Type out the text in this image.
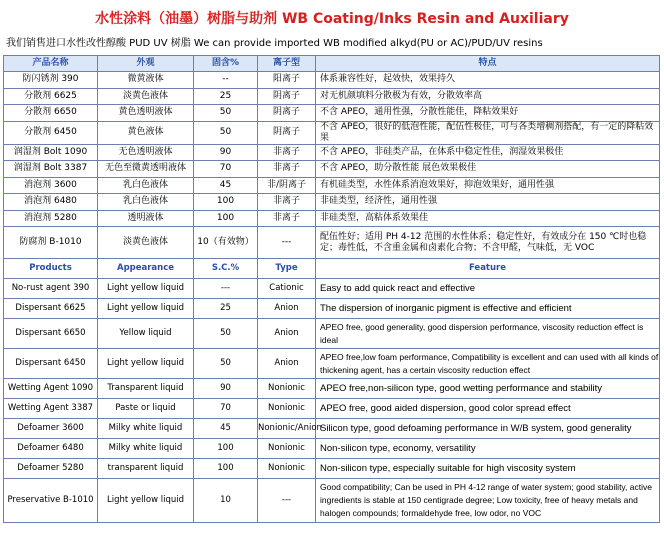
水性涂料（油墨）树脂与助剂 WB Coating/Inks Resin and Auxiliary
我们销售进口水性改性醇酸 PUD UV 树脂 We can provide imported WB modified alkyd(PU or AC)/PUD/UV resins
产品名称	外观	固含%	离子型	特点
防闪锈剂 390	微黄液体	--	阳离子	体系兼容性好，起效快，效果持久
分散剂 6625	淡黄色液体	25	阴离子	对无机颜填料分散极为有效，分散效率高
分散剂 6650	黄色透明液体	50	阴离子	不含 APEO，通用性强，分散性能佳，降粘效果好
分散剂 6450	黄色液体	50	阴离子	不含 APEO，很好的低泡性能，配伍性极佳，可与各类增稠剂搭配，有一定的降粘效果
润湿剂 Bolt 1090	无色透明液体	90	非离子	不含 APEO，非硅类产品，在体系中稳定性佳，润湿效果极佳
润湿剂 Bolt 3387	无色至微黄透明液体	70	非离子	不含 APEO，助分散性能 展色效果极佳
消泡剂 3600	乳白色液体	45	非/阴离子	有机硅类型，水性体系消泡效果好，抑泡效果好，通用性强
消泡剂 6480	乳白色液体	100	非离子	非硅类型，经济性，通用性强
消泡剂 5280	透明液体	100	非离子	非硅类型，高粘体系效果佳
防腐剂 B-1010	淡黄色液体	10（有效物）	---	配伍性好；适用 PH 4-12 范围的水性体系；稳定性好，有效成分在 150 ℃时也稳定；毒性低，不含重金属和卤素化合物；不含甲醛，气味低，无 VOC
Products	Appearance	S.C.%	Type	Feature
No-rust agent 390	Light yellow liquid	---	Cationic	Easy to add quick react and effective
Dispersant 6625	Light yellow liquid	25	Anion	The dispersion of inorganic pigment is effective and efficient
Dispersant 6650	Yellow liquid	50	Anion	APEO free, good generality, good dispersion performance, viscosity reduction effect is ideal
Dispersant 6450	Light yellow liquid	50	Anion	APEO free,low foam performance, Compatibility is excellent and can used with all kinds of thickening agent, has a certain viscosity reduction effect
Wetting Agent 1090	Transparent liquid	90	Nonionic	APEO free,non-silicon type, good wetting performance and stability
Wetting Agent 3387	Paste or liquid	70	Nonionic	APEO free, good aided dispersion, good color spread effect
Defoamer 3600	Milky white liquid	45	Nonionic/Anion	Silicon type, good defoaming performance in W/B system, good generality
Defoamer 6480	Milky white liquid	100	Nonionic	Non-silicon type, economy, versatility
Defoamer 5280	transparent liquid	100	Nonionic	Non-silicon type, especially suitable for high viscosity system
Preservative B-1010	Light yellow liquid	10	---	Good compatibility; Can be used in PH 4-12 range of water system; good stability, active ingredients is stable at 150 centigrade degree; Low toxicity, free of heavy metals and halogen compounds; formaldehyde free, low odor, no VOC
